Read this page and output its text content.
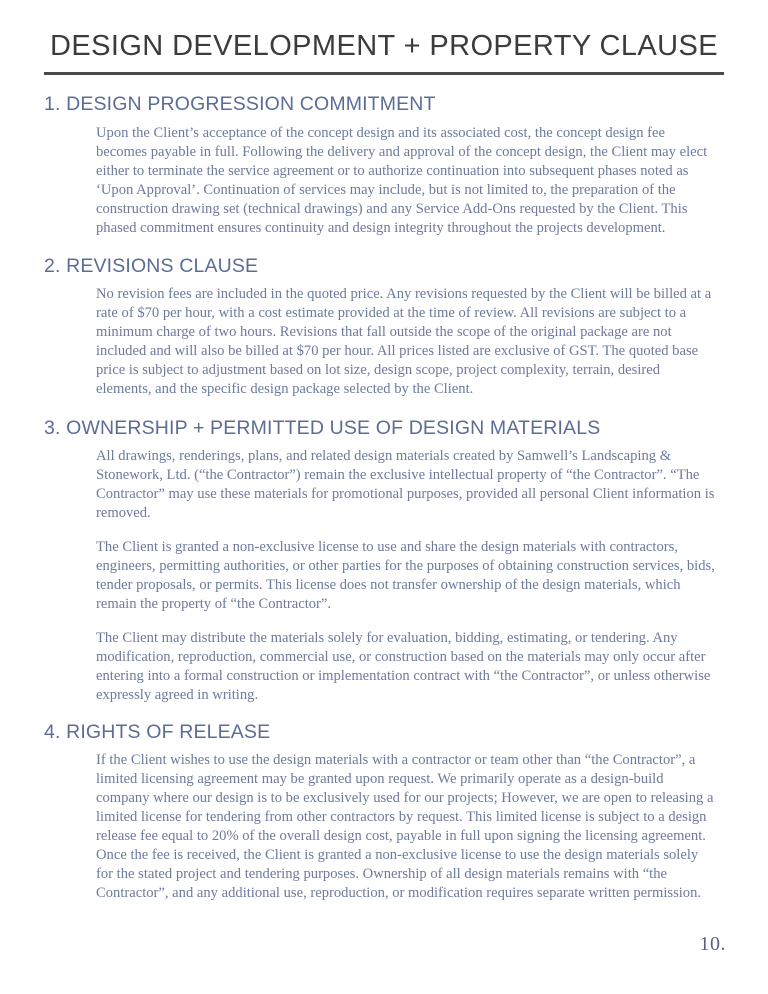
DESIGN DEVELOPMENT + PROPERTY CLAUSE
1. DESIGN PROGRESSION COMMITMENT

Upon the Client’s acceptance of the concept design and its associated cost, the concept design fee becomes payable in full. Following the delivery and approval of the concept design, the Client may elect either to terminate the service agreement or to authorize continuation into subsequent phases noted as ‘Upon Approval’. Continuation of services may include, but is not limited to, the preparation of the construction drawing set (technical drawings) and any Service Add-Ons requested by the Client. This phased commitment ensures continuity and design integrity throughout the projects development.

2. REVISIONS CLAUSE

No revision fees are included in the quoted price. Any revisions requested by the Client will be billed at a rate of $70 per hour, with a cost estimate provided at the time of review. All revisions are subject to a minimum charge of two hours. Revisions that fall outside the scope of the original package are not included and will also be billed at $70 per hour. All prices listed are exclusive of GST. The quoted base price is subject to adjustment based on lot size, design scope, project complexity, terrain, desired elements, and the specific design package selected by the Client.

3. OWNERSHIP + PERMITTED USE OF DESIGN MATERIALS

All drawings, renderings, plans, and related design materials created by Samwell’s Landscaping & Stonework, Ltd. (“the Contractor”) remain the exclusive intellectual property of “the Contractor”. “The Contractor” may use these materials for promotional purposes, provided all personal Client information is removed.

The Client is granted a non-exclusive license to use and share the design materials with contractors, engineers, permitting authorities, or other parties for the purposes of obtaining construction services, bids, tender proposals, or permits. This license does not transfer ownership of the design materials, which remain the property of “the Contractor”.

The Client may distribute the materials solely for evaluation, bidding, estimating, or tendering. Any modification, reproduction, commercial use, or construction based on the materials may only occur after entering into a formal construction or implementation contract with “the Contractor”, or unless otherwise expressly agreed in writing.

4. RIGHTS OF RELEASE

If the Client wishes to use the design materials with a contractor or team other than “the Contractor”, a limited licensing agreement may be granted upon request. We primarily operate as a design-build company where our design is to be exclusively used for our projects; However, we are open to releasing a limited license for tendering from other contractors by request. This limited license is subject to a design release fee equal to 20% of the overall design cost, payable in full upon signing the licensing agreement. Once the fee is received, the Client is granted a non-exclusive license to use the design materials solely for the stated project and tendering purposes. Ownership of all design materials remains with “the Contractor”, and any additional use, reproduction, or modification requires separate written permission.

10.
